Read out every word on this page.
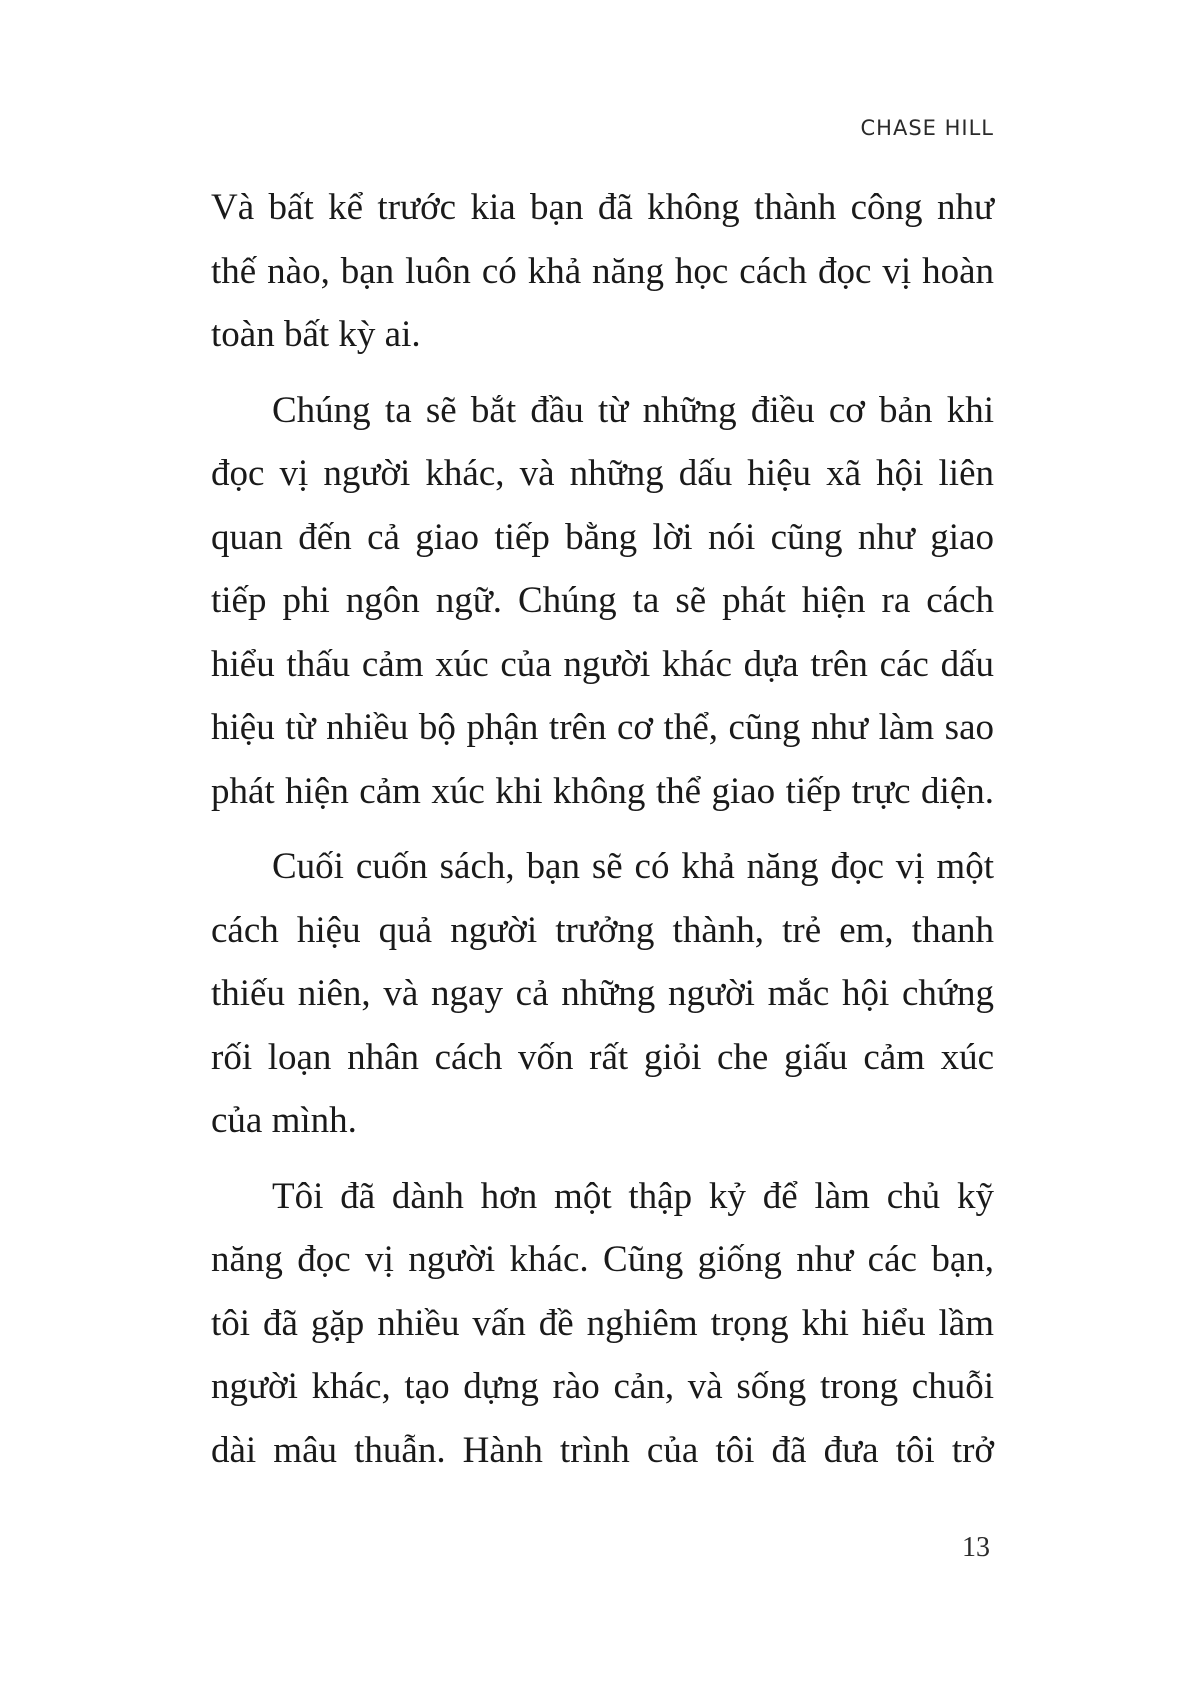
CHASE HILL
Và bất kể trước kia bạn đã không thành công như
thế nào, bạn luôn có khả năng học cách đọc vị hoàn
toàn bất kỳ ai.
Chúng ta sẽ bắt đầu từ những điều cơ bản khi
đọc vị người khác, và những dấu hiệu xã hội liên
quan đến cả giao tiếp bằng lời nói cũng như giao
tiếp phi ngôn ngữ. Chúng ta sẽ phát hiện ra cách
hiểu thấu cảm xúc của người khác dựa trên các dấu
hiệu từ nhiều bộ phận trên cơ thể, cũng như làm sao
phát hiện cảm xúc khi không thể giao tiếp trực diện.
Cuối cuốn sách, bạn sẽ có khả năng đọc vị một
cách hiệu quả người trưởng thành, trẻ em, thanh
thiếu niên, và ngay cả những người mắc hội chứng
rối loạn nhân cách vốn rất giỏi che giấu cảm xúc
của mình.
Tôi đã dành hơn một thập kỷ để làm chủ kỹ
năng đọc vị người khác. Cũng giống như các bạn,
tôi đã gặp nhiều vấn đề nghiêm trọng khi hiểu lầm
người khác, tạo dựng rào cản, và sống trong chuỗi
dài mâu thuẫn. Hành trình của tôi đã đưa tôi trở
13
